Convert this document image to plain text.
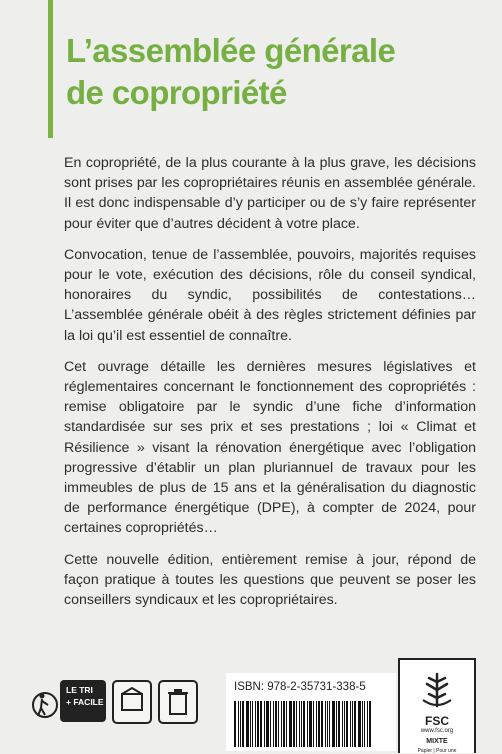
L’assemblée générale
de copropriété

En copropriété, de la plus courante à la plus grave, les décisions sont prises par les copropriétaires réunis en assemblée générale. Il est donc indispensable d’y participer ou de s’y faire représenter pour éviter que d’autres décident à votre place.

Convocation, tenue de l’assemblée, pouvoirs, majorités requises pour le vote, exécution des décisions, rôle du conseil syndical, honoraires du syndic, possibilités de contestations… L’assemblée générale obéit à des règles strictement définies par la loi qu’il est essentiel de connaître.

Cet ouvrage détaille les dernières mesures législatives et réglementaires concernant le fonctionnement des copropriétés : remise obligatoire par le syndic d’une fiche d’information standardisée sur ses prix et ses prestations ; loi « Climat et Résilience » visant la rénovation énergétique avec l’obligation progressive d’établir un plan pluriannuel de travaux pour les immeubles de plus de 15 ans et la généralisation du diagnostic de performance énergétique (DPE), à compter de 2024, pour certaines copropriétés…

Cette nouvelle édition, entièrement remise à jour, répond de façon pratique à toutes les questions que peuvent se poser les conseillers syndicaux et les copropriétaires.

LE TRI
+ FACILE
ISBN: 978-2-35731-338-5
FSC
www.fsc.org
MIXTE
Papier | Pour une
